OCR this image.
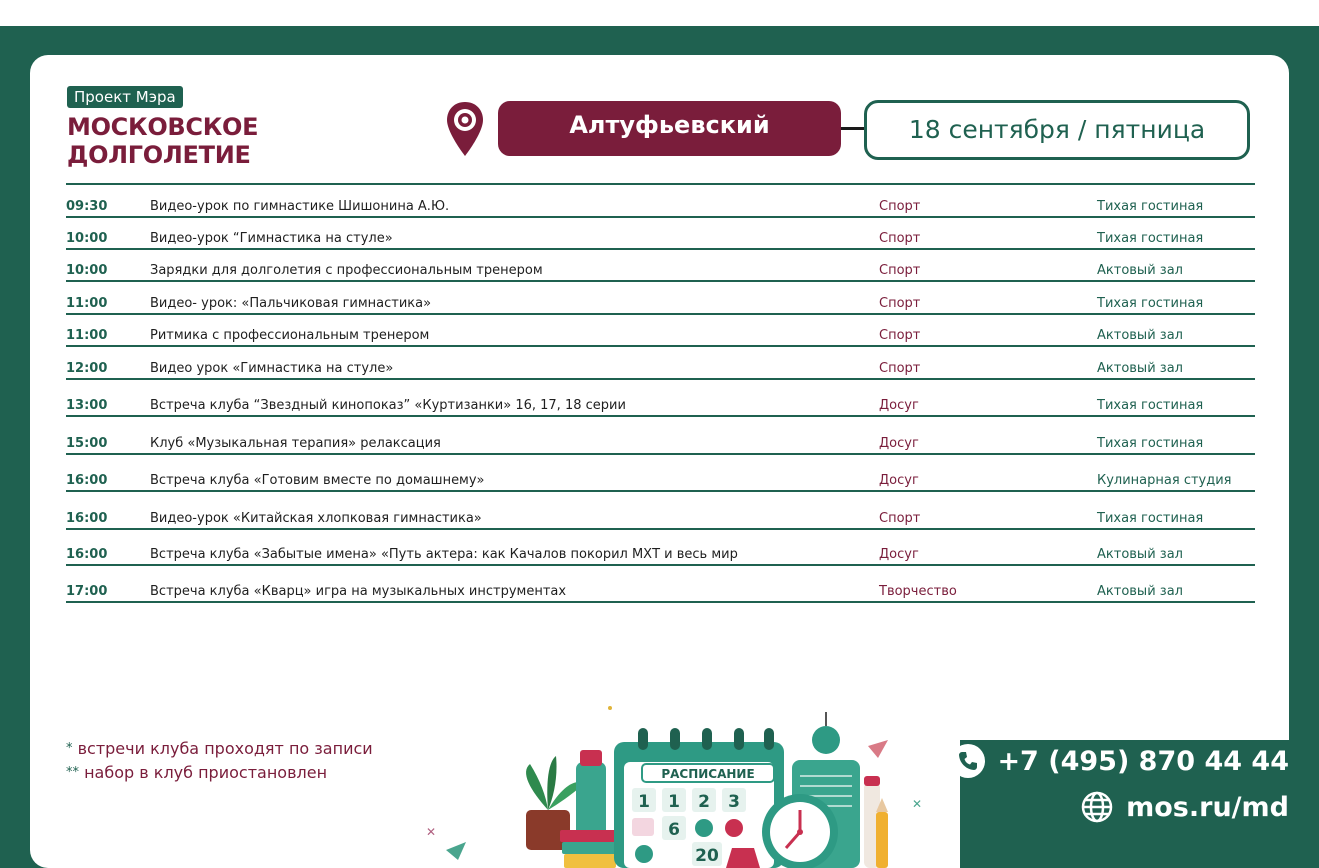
Проект Мэра
МОСКОВСКОЕ
ДОЛГОЛЕТИЕ
Алтуфьевский	18 сентября / пятница
09:30	Видео-урок по гимнастике Шишонина А.Ю.	Спорт	Тихая гостиная
10:00	Видео-урок “Гимнастика на стуле»	Спорт	Тихая гостиная
10:00	Зарядки для долголетия с профессиональным тренером	Спорт	Актовый зал
11:00	Видео- урок: «Пальчиковая гимнастика»	Спорт	Тихая гостиная
11:00	Ритмика с профессиональным тренером	Спорт	Актовый зал
12:00	Видео урок «Гимнастика на стуле»	Спорт	Актовый зал
13:00	Встреча клуба “Звездный кинопоказ” «Куртизанки» 16, 17, 18 серии	Досуг	Тихая гостиная
15:00	Клуб «Музыкальная терапия» релаксация	Досуг	Тихая гостиная
16:00	Встреча клуба «Готовим вместе по домашнему»	Досуг	Кулинарная студия
16:00	Видео-урок «Китайская хлопковая гимнастика»	Спорт	Тихая гостиная
16:00	Встреча клуба «Забытые имена» «Путь актера: как Качалов покорил МХТ и весь мир	Досуг	Актовый зал
17:00	Встреча клуба «Кварц» игра на музыкальных инструментах	Творчество	Актовый зал
* встречи клуба проходят по записи
** набор в клуб приостановлен
✕
✕
РАСПИСАНИЕ
1 1 2 3
6
20
+7 (495) 870 44 44
mos.ru/md
